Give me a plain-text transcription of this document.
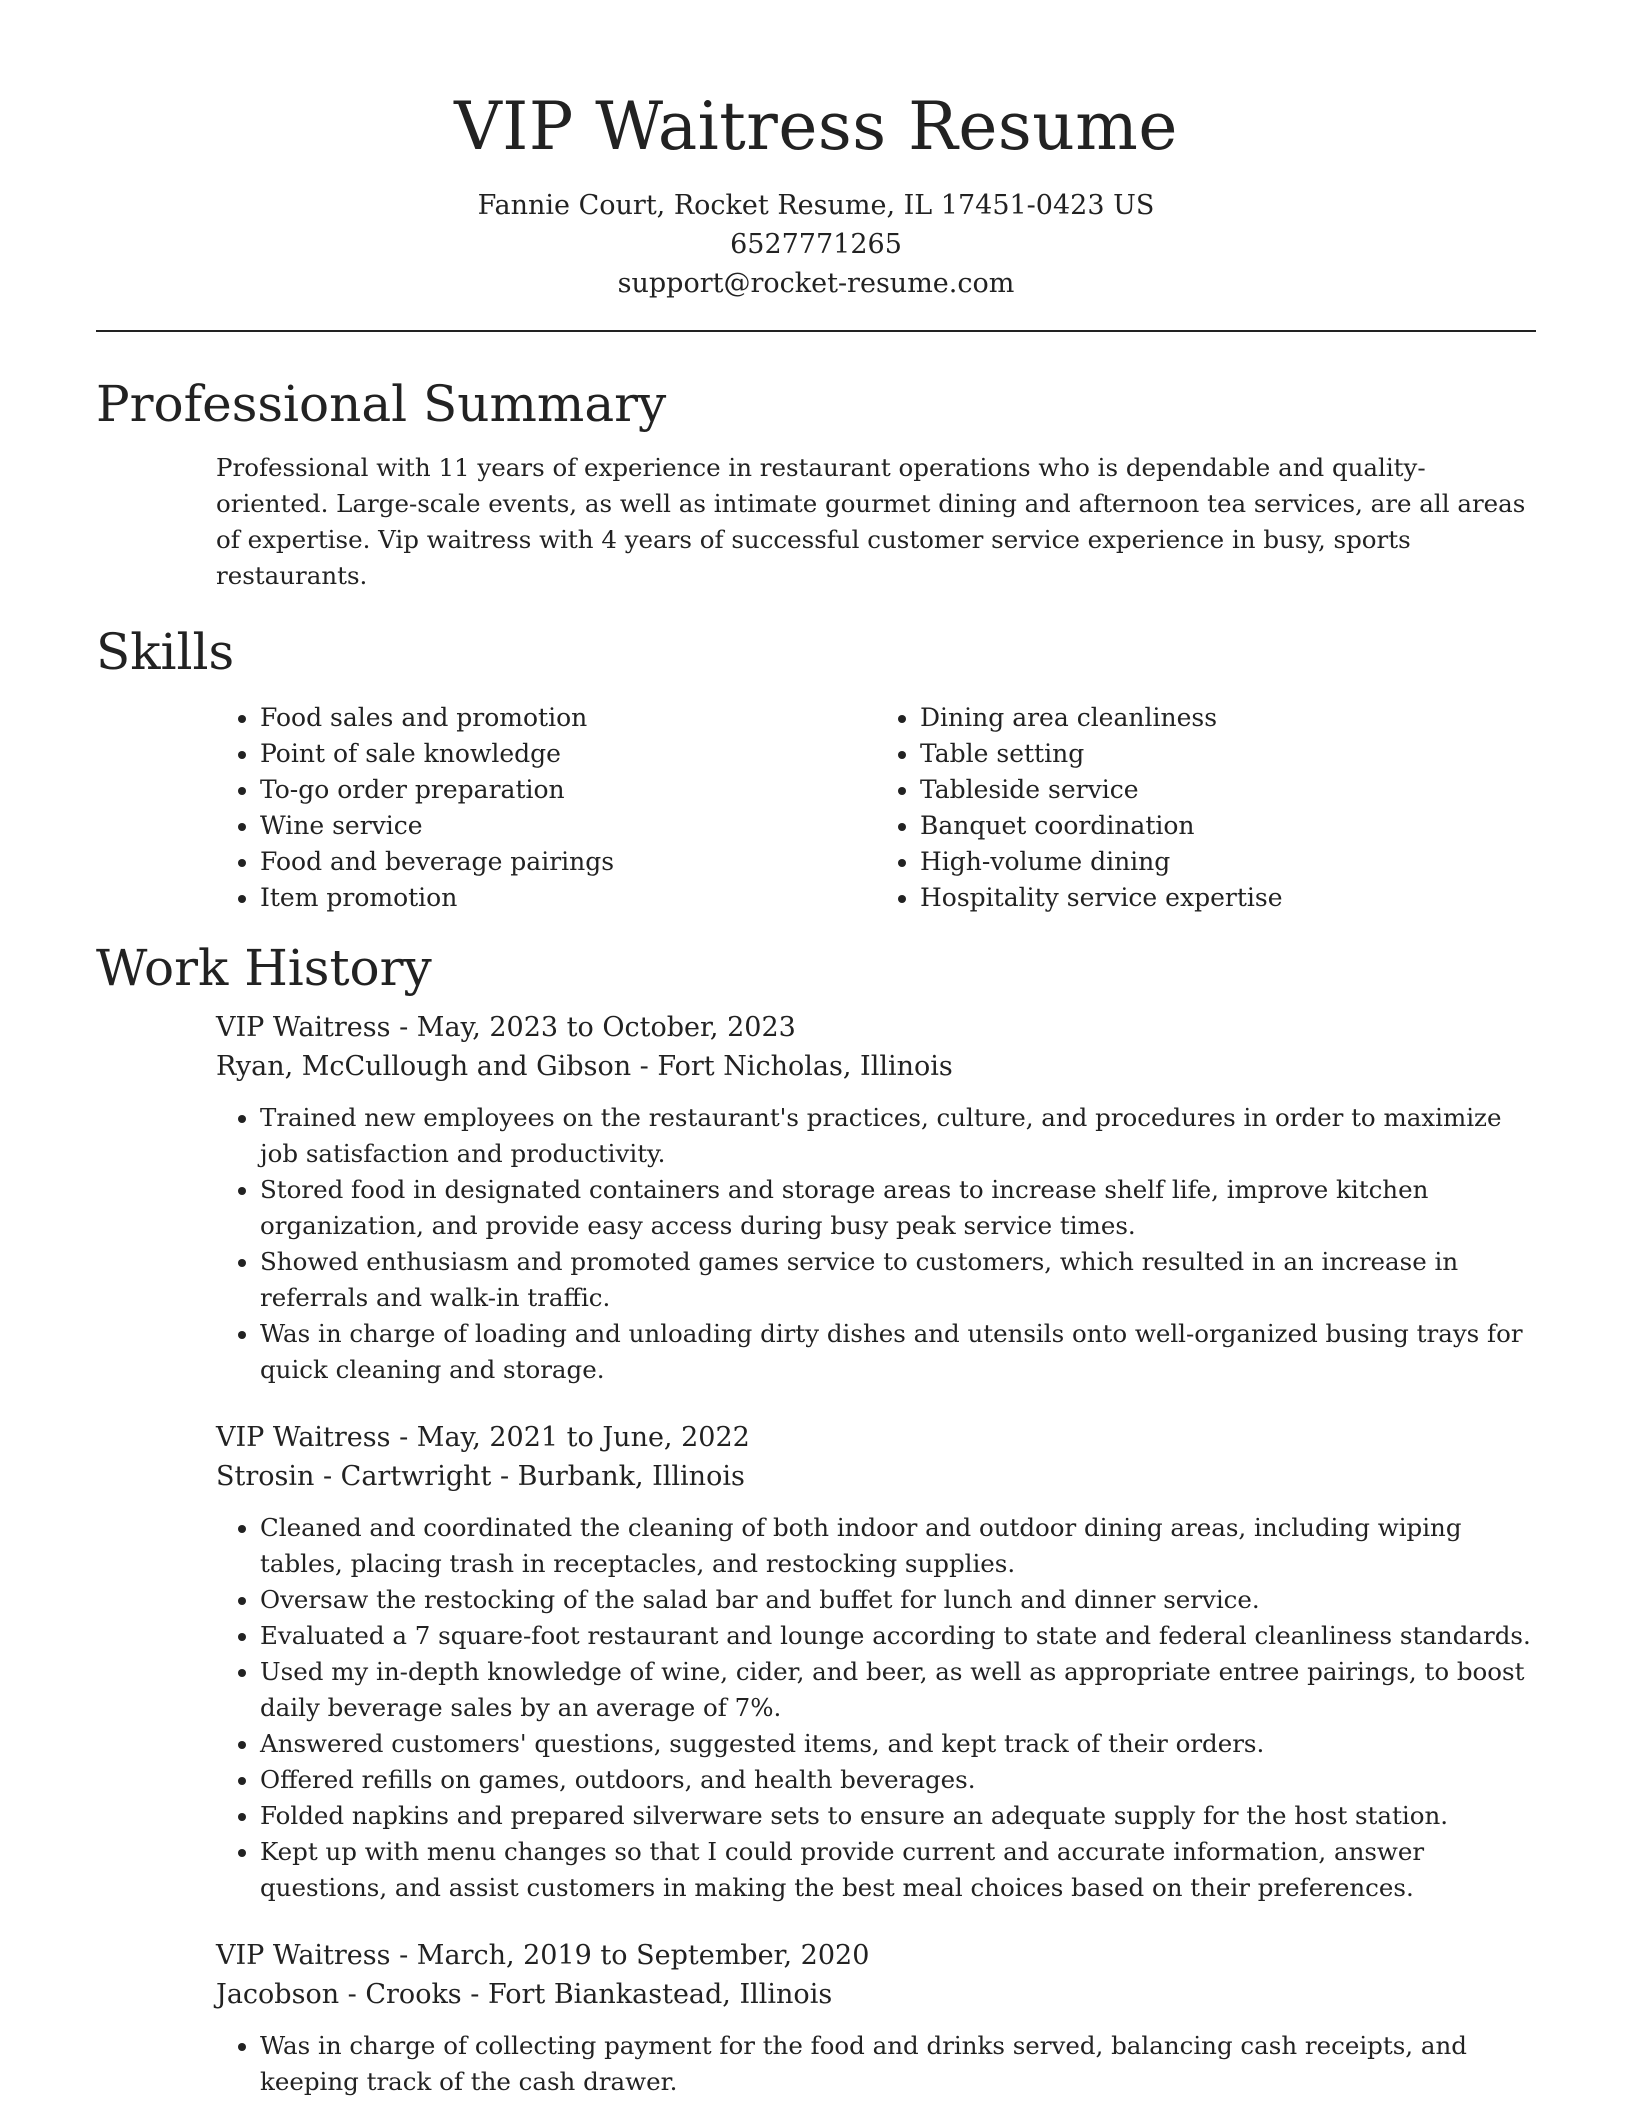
VIP Waitress Resume
Fannie Court, Rocket Resume, IL 17451-0423 US
6527771265
support@rocket-resume.com
Professional Summary

Professional with 11 years of experience in restaurant operations who is dependable and quality-oriented. Large-scale events, as well as intimate gourmet dining and afternoon tea services, are all areas of expertise. Vip waitress with 4 years of successful customer service experience in busy, sports restaurants.

Skills
• Food sales and promotion
• Point of sale knowledge
• To-go order preparation
• Wine service
• Food and beverage pairings
• Item promotion
• Dining area cleanliness
• Table setting
• Tableside service
• Banquet coordination
• High-volume dining
• Hospitality service expertise
Work History
VIP Waitress - May, 2023 to October, 2023
Ryan, McCullough and Gibson - Fort Nicholas, Illinois
• Trained new employees on the restaurant's practices, culture, and procedures in order to maximize job satisfaction and productivity.
• Stored food in designated containers and storage areas to increase shelf life, improve kitchen organization, and provide easy access during busy peak service times.
• Showed enthusiasm and promoted games service to customers, which resulted in an increase in referrals and walk-in traffic.
• Was in charge of loading and unloading dirty dishes and utensils onto well-organized busing trays for quick cleaning and storage.
VIP Waitress - May, 2021 to June, 2022
Strosin - Cartwright - Burbank, Illinois
• Cleaned and coordinated the cleaning of both indoor and outdoor dining areas, including wiping tables, placing trash in receptacles, and restocking supplies.
• Oversaw the restocking of the salad bar and buffet for lunch and dinner service.
• Evaluated a 7 square-foot restaurant and lounge according to state and federal cleanliness standards.
• Used my in-depth knowledge of wine, cider, and beer, as well as appropriate entree pairings, to boost daily beverage sales by an average of 7%.
• Answered customers' questions, suggested items, and kept track of their orders.
• Offered refills on games, outdoors, and health beverages.
• Folded napkins and prepared silverware sets to ensure an adequate supply for the host station.
• Kept up with menu changes so that I could provide current and accurate information, answer questions, and assist customers in making the best meal choices based on their preferences.
VIP Waitress - March, 2019 to September, 2020
Jacobson - Crooks - Fort Biankastead, Illinois
• Was in charge of collecting payment for the food and drinks served, balancing cash receipts, and keeping track of the cash drawer.
